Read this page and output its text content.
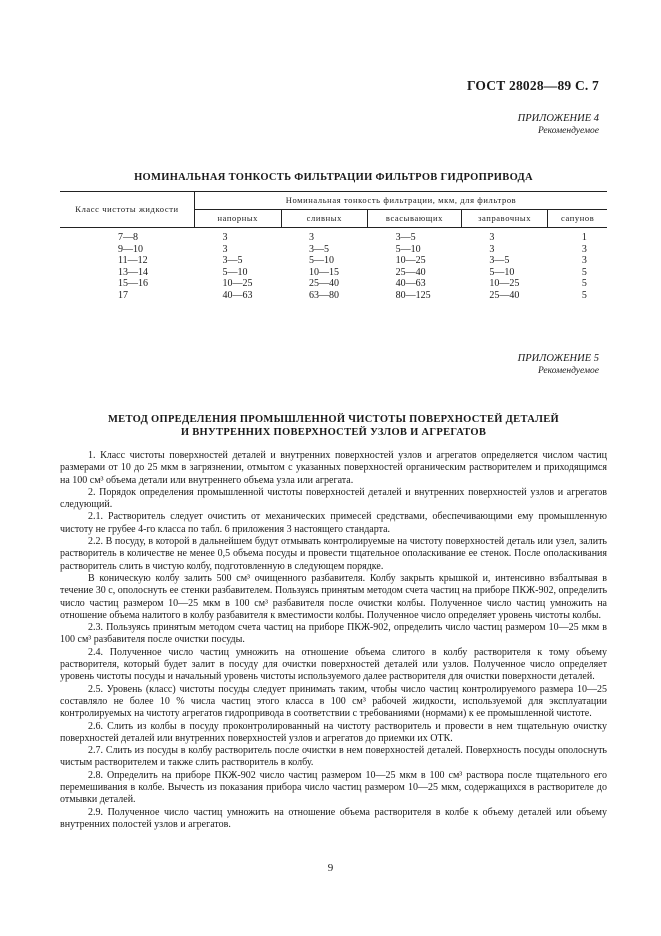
ГОСТ 28028—89 С. 7
ПРИЛОЖЕНИЕ 4
Рекомендуемое
НОМИНАЛЬНАЯ ТОНКОСТЬ ФИЛЬТРАЦИИ ФИЛЬТРОВ ГИДРОПРИВОДА
Класс чистоты жидкости	Номинальная тонкость фильтрации, мкм, для фильтров				
	напорных	сливных	всасывающих	заправочных	сапунов
7—8	3	3	3—5	3	1
9—10	3	3—5	5—10	3	3
11—12	3—5	5—10	10—25	3—5	3
13—14	5—10	10—15	25—40	5—10	5
15—16	10—25	25—40	40—63	10—25	5
17	40—63	63—80	80—125	25—40	5
ПРИЛОЖЕНИЕ 5
Рекомендуемое
МЕТОД ОПРЕДЕЛЕНИЯ ПРОМЫШЛЕННОЙ ЧИСТОТЫ ПОВЕРХНОСТЕЙ ДЕТАЛЕЙ
И ВНУТРЕННИХ ПОВЕРХНОСТЕЙ УЗЛОВ И АГРЕГАТОВ

1. Класс чистоты поверхностей деталей и внутренних поверхностей узлов и агрегатов определяется числом частиц размерами от 10 до 25 мкм в загрязнении, отмытом с указанных поверхностей органическим растворителем и приходящимся на 100 см³ объема детали или внутреннего объема узла или агрегата.

2. Порядок определения промышленной чистоты поверхностей деталей и внутренних поверхностей узлов и агрегатов следующий.

2.1. Растворитель следует очистить от механических примесей средствами, обеспечивающими ему промышленную чистоту не грубее 4-го класса по табл. 6 приложения 3 настоящего стандарта.

2.2. В посуду, в которой в дальнейшем будут отмывать контролируемые на чистоту поверхностей деталь или узел, залить растворитель в количестве не менее 0,5 объема посуды и провести тщательное ополаскивание ее стенок. После ополаскивания растворитель слить в чистую колбу, подготовленную в следующем порядке.

В коническую колбу залить 500 см³ очищенного разбавителя. Колбу закрыть крышкой и, интенсивно взбалтывая в течение 30 с, ополоснуть ее стенки разбавителем. Пользуясь принятым методом счета частиц на приборе ПКЖ-902, определить число частиц размером 10—25 мкм в 100 см³ разбавителя после очистки колбы. Полученное число частиц умножить на отношение объема налитого в колбу разбавителя к вместимости колбы. Полученное число определяет уровень чистоты колбы.

2.3. Пользуясь принятым методом счета частиц на приборе ПКЖ-902, определить число частиц размером 10—25 мкм в 100 см³ разбавителя после очистки посуды.

2.4. Полученное число частиц умножить на отношение объема слитого в колбу растворителя к тому объему растворителя, который будет залит в посуду для очистки поверхностей деталей или узлов. Полученное число определяет уровень чистоты посуды и начальный уровень чистоты используемого далее растворителя для очистки поверхности деталей.

2.5. Уровень (класс) чистоты посуды следует принимать таким, чтобы число частиц контролируемого размера 10—25 составляло не более 10 % числа частиц этого класса в 100 см³ рабочей жидкости, используемой для эксплуатации контролируемых на чистоту агрегатов гидропривода в соответствии с требованиями (нормами) к ее промышленной чистоте.

2.6. Слить из колбы в посуду проконтролированный на чистоту растворитель и провести в нем тщательную очистку поверхностей деталей или внутренних поверхностей узлов и агрегатов до приемки их ОТК.

2.7. Слить из посуды в колбу растворитель после очистки в нем поверхностей деталей. Поверхность посуды ополоснуть чистым растворителем и также слить растворитель в колбу.

2.8. Определить на приборе ПКЖ-902 число частиц размером 10—25 мкм в 100 см³ раствора после тщательного его перемешивания в колбе. Вычесть из показания прибора число частиц размером 10—25 мкм, содержащихся в растворителе до отмывки деталей.

2.9. Полученное число частиц умножить на отношение объема растворителя в колбе к объему деталей или объему внутренних полостей узлов и агрегатов.

9
